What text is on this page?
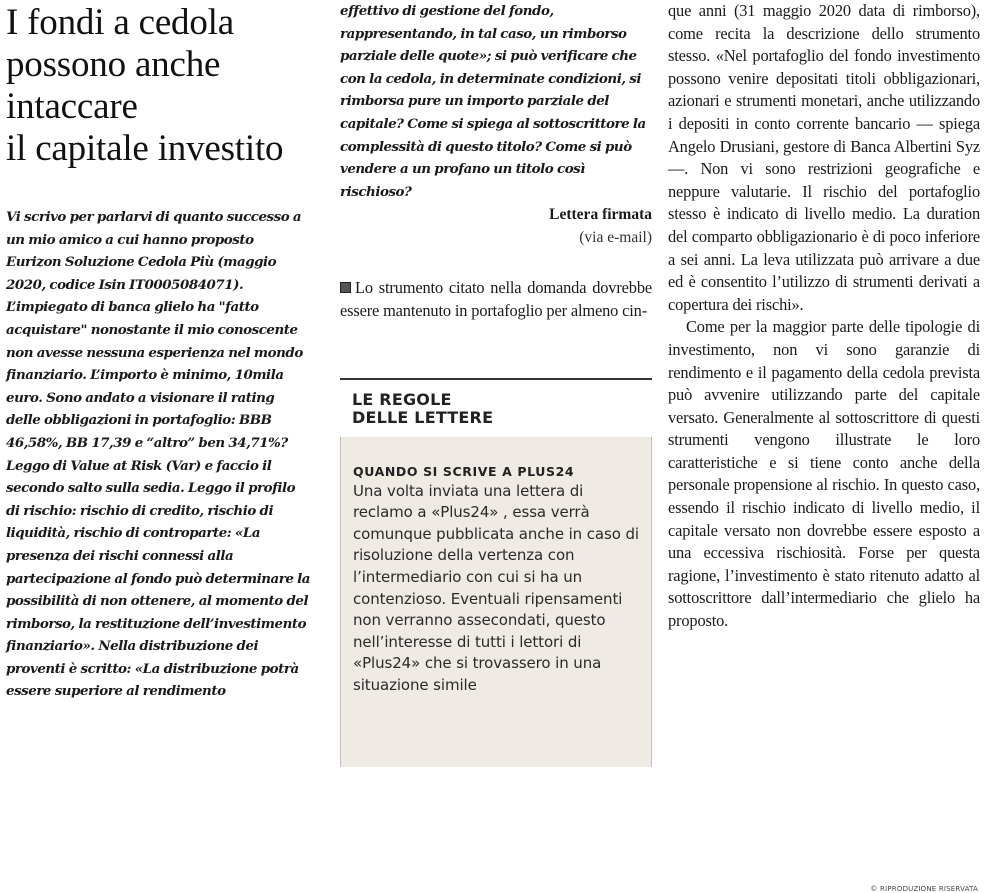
I fondi a cedola
possono anche
intaccare
il capitale investito

Vi scrivo per parlarvi di quanto successo a un mio amico a cui hanno proposto Eurizon Soluzione Cedola Più (maggio 2020, codice Isin IT0005084071). L’impiegato di banca glielo ha "fatto acquistare" nonostante il mio conoscente non avesse nessuna esperienza nel mondo finanziario. L’importo è minimo, 10mila euro. Sono andato a visionare il rating delle obbligazioni in portafoglio: BBB 46,58%, BB 17,39 e “altro” ben 34,71%? Leggo di Value at Risk (Var) e faccio il secondo salto sulla sedia. Leggo il profilo di rischio: rischio di credito, rischio di liquidità, rischio di controparte: «La presenza dei rischi connessi alla partecipazione al fondo può determinare la possibilità di non ottenere, al momento del rimborso, la restituzione dell’investimento finanziario». Nella distribuzione dei proventi è scritto: «La distribuzione potrà essere superiore al rendimento

effettivo di gestione del fondo, rappresentando, in tal caso, un rimborso parziale delle quote»; si può verificare che con la cedola, in determinate condizioni, si rimborsa pure un importo parziale del capitale? Come si spiega al sottoscrittore la complessità di questo titolo? Come si può vendere a un profano un titolo così rischioso?

Lettera firmata
(via e-mail)

Lo strumento citato nella domanda dovrebbe essere mantenuto in portafoglio per almeno cin-

LE REGOLE
DELLE LETTERE
QUANDO SI SCRIVE A PLUS24

Una volta inviata una lettera di reclamo a «Plus24» , essa verrà comunque pubblicata anche in caso di risoluzione della vertenza con l’intermediario con cui si ha un contenzioso. Eventuali ripensamenti non verranno assecondati, questo nell’interesse di tutti i lettori di «Plus24» che si trovassero in una situazione simile

que anni (31 maggio 2020 data di rimborso), come recita la descrizione dello strumento stesso. «Nel portafoglio del fondo investimento possono venire depositati titoli obbligazionari, azionari e strumenti monetari, anche utilizzando i depositi in conto corrente bancario — spiega Angelo Drusiani, gestore di Banca Albertini Syz —. Non vi sono restrizioni geografiche e neppure valutarie. Il rischio del portafoglio stesso è indicato di livello medio. La duration del comparto obbligazionario è di poco inferiore a sei anni. La leva utilizzata può arrivare a due ed è consentito l’utilizzo di strumenti derivati a copertura dei rischi».

Come per la maggior parte delle tipologie di investimento, non vi sono garanzie di rendimento e il pagamento della cedola prevista può avvenire utilizzando parte del capitale versato. Generalmente al sottoscrittore di questi strumenti vengono illustrate le loro caratteristiche e si tiene conto anche della personale propensione al rischio. In questo caso, essendo il rischio indicato di livello medio, il capitale versato non dovrebbe essere esposto a una eccessiva rischiosità. Forse per questa ragione, l’investimento è stato ritenuto adatto al sottoscrittore dall’intermediario che glielo ha proposto.

© RIPRODUZIONE RISERVATA
